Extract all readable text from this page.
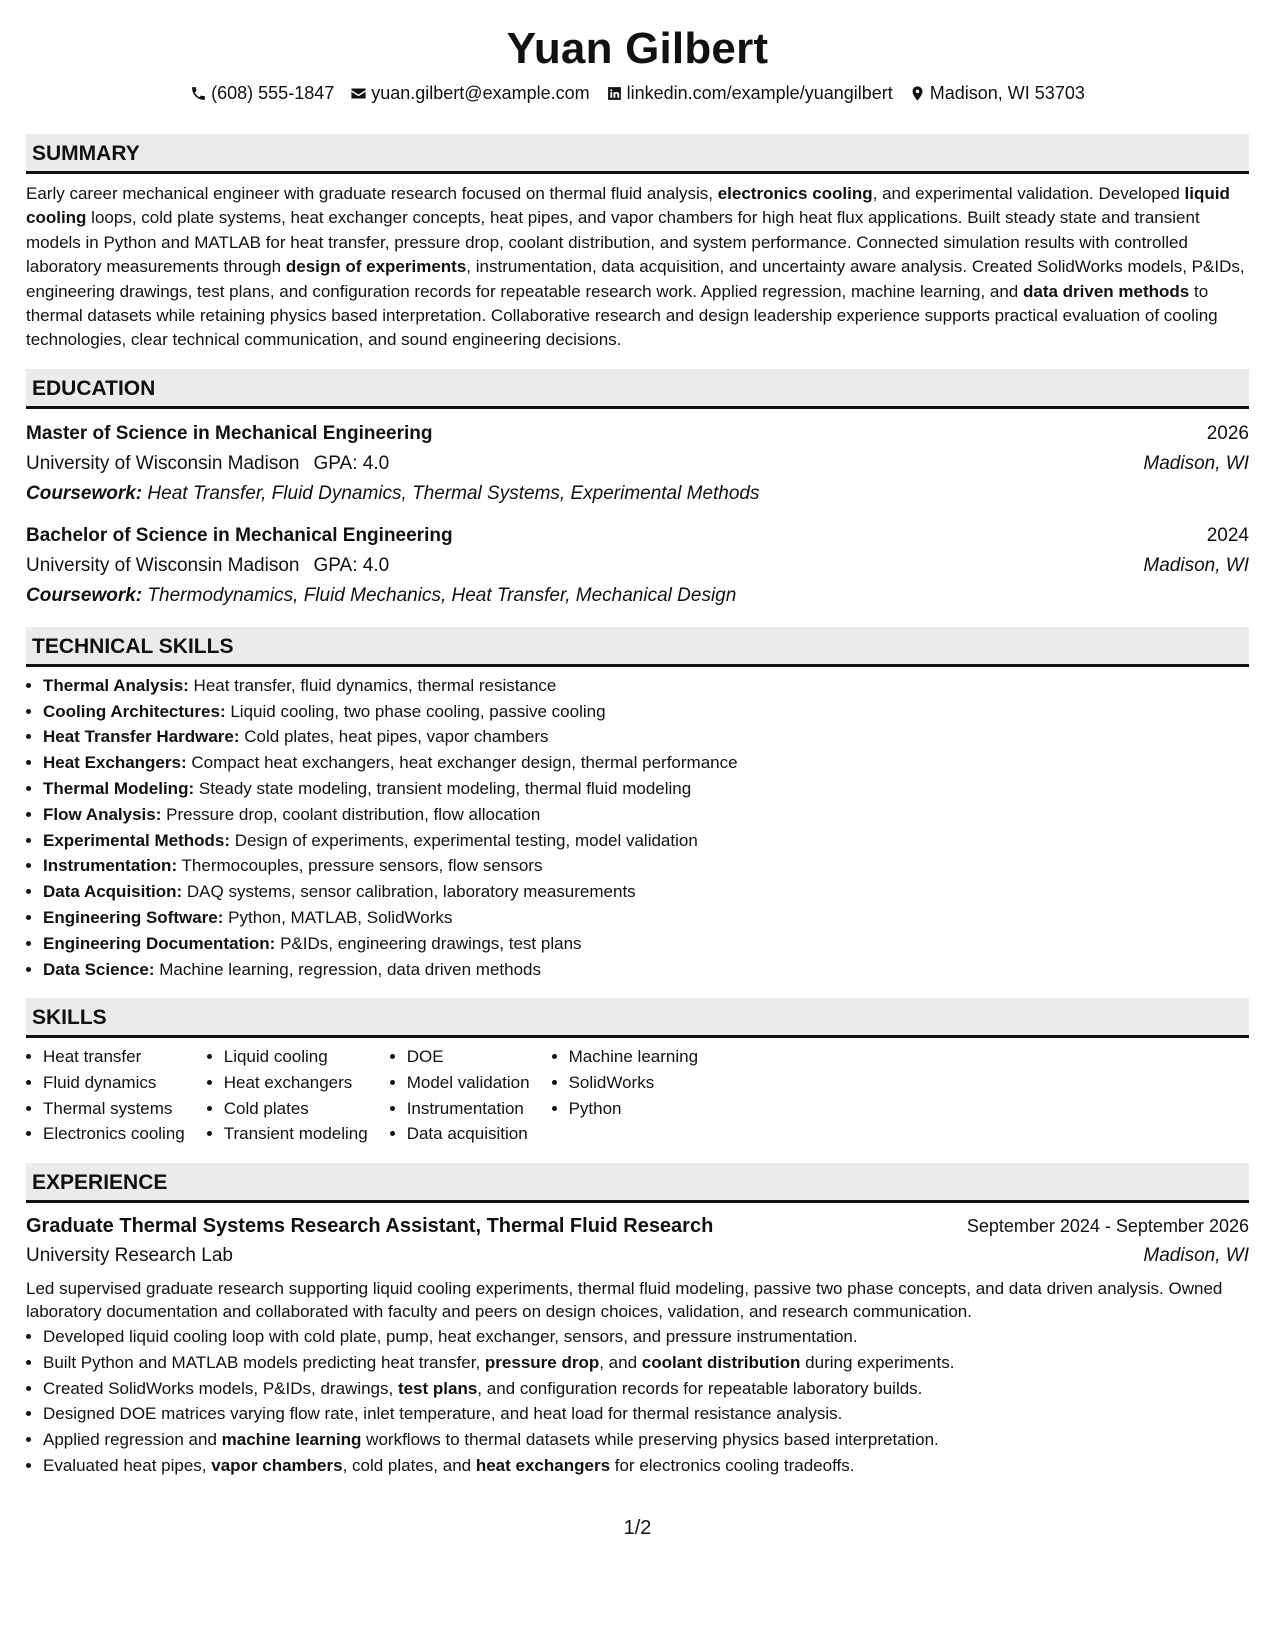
Yuan Gilbert
(608) 555-1847 yuan.gilbert@example.com linkedin.com/example/yuangilbert Madison, WI 53703
SUMMARY

Early career mechanical engineer with graduate research focused on thermal fluid analysis, electronics cooling, and experimental validation. Developed liquid cooling loops, cold plate systems, heat exchanger concepts, heat pipes, and vapor chambers for high heat flux applications. Built steady state and transient models in Python and MATLAB for heat transfer, pressure drop, coolant distribution, and system performance. Connected simulation results with controlled laboratory measurements through design of experiments, instrumentation, data acquisition, and uncertainty aware analysis. Created SolidWorks models, P&IDs, engineering drawings, test plans, and configuration records for repeatable research work. Applied regression, machine learning, and data driven methods to thermal datasets while retaining physics based interpretation. Collaborative research and design leadership experience supports practical evaluation of cooling technologies, clear technical communication, and sound engineering decisions.

EDUCATION
Master of Science in Mechanical Engineering	2026
University of Wisconsin Madison GPA: 4.0	Madison, WI
Coursework: Heat Transfer, Fluid Dynamics, Thermal Systems, Experimental Methods
Bachelor of Science in Mechanical Engineering	2024
University of Wisconsin Madison GPA: 4.0	Madison, WI
Coursework: Thermodynamics, Fluid Mechanics, Heat Transfer, Mechanical Design
TECHNICAL SKILLS
• Thermal Analysis: Heat transfer, fluid dynamics, thermal resistance
• Cooling Architectures: Liquid cooling, two phase cooling, passive cooling
• Heat Transfer Hardware: Cold plates, heat pipes, vapor chambers
• Heat Exchangers: Compact heat exchangers, heat exchanger design, thermal performance
• Thermal Modeling: Steady state modeling, transient modeling, thermal fluid modeling
• Flow Analysis: Pressure drop, coolant distribution, flow allocation
• Experimental Methods: Design of experiments, experimental testing, model validation
• Instrumentation: Thermocouples, pressure sensors, flow sensors
• Data Acquisition: DAQ systems, sensor calibration, laboratory measurements
• Engineering Software: Python, MATLAB, SolidWorks
• Engineering Documentation: P&IDs, engineering drawings, test plans
• Data Science: Machine learning, regression, data driven methods
SKILLS
• Heat transfer
• Fluid dynamics
• Thermal systems
• Electronics cooling
• Liquid cooling
• Heat exchangers
• Cold plates
• Transient modeling
• DOE
• Model validation
• Instrumentation
• Data acquisition
• Machine learning
• SolidWorks
• Python
EXPERIENCE
Graduate Thermal Systems Research Assistant, Thermal Fluid Research	September 2024 - September 2026
University Research Lab	Madison, WI
Led supervised graduate research supporting liquid cooling experiments, thermal fluid modeling, passive two phase concepts, and data driven analysis. Owned laboratory documentation and collaborated with faculty and peers on design choices, validation, and research communication.
• Developed liquid cooling loop with cold plate, pump, heat exchanger, sensors, and pressure instrumentation.
• Built Python and MATLAB models predicting heat transfer, pressure drop, and coolant distribution during experiments.
• Created SolidWorks models, P&IDs, drawings, test plans, and configuration records for repeatable laboratory builds.
• Designed DOE matrices varying flow rate, inlet temperature, and heat load for thermal resistance analysis.
• Applied regression and machine learning workflows to thermal datasets while preserving physics based interpretation.
• Evaluated heat pipes, vapor chambers, cold plates, and heat exchangers for electronics cooling tradeoffs.
1/2
